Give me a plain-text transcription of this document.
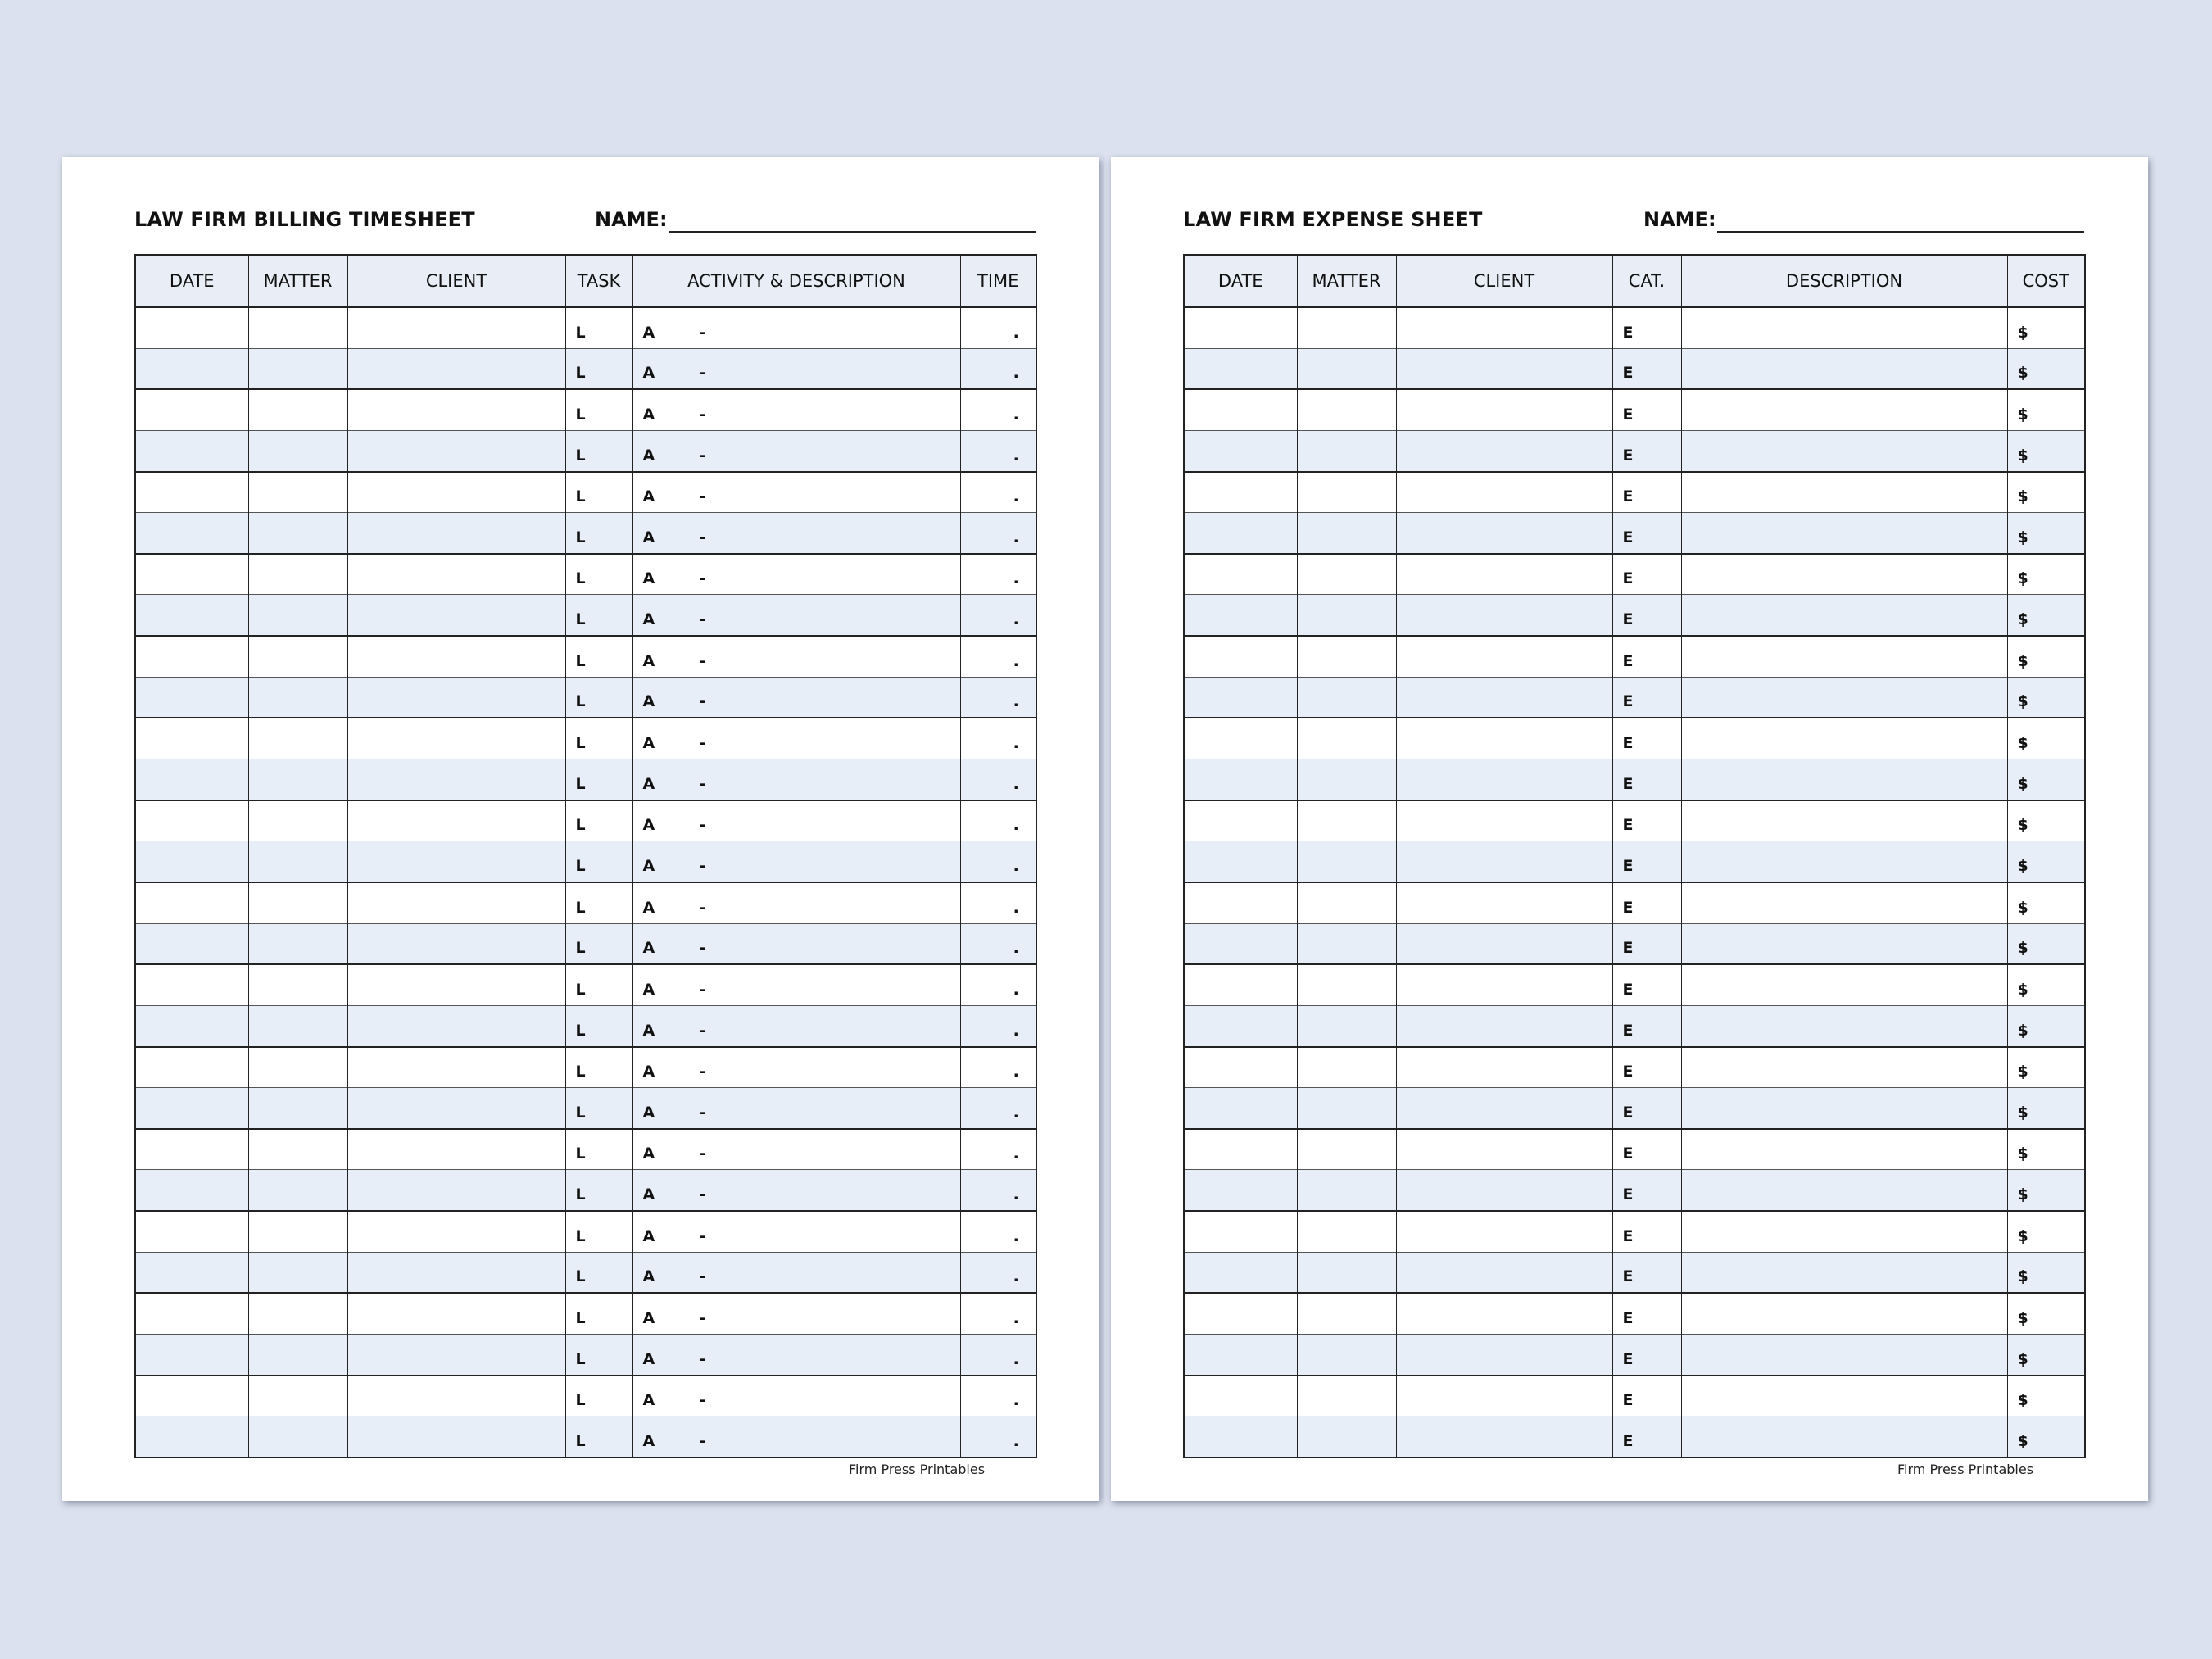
LAW FIRM BILLING TIMESHEET	NAME:
DATE	MATTER	CLIENT	TASK	ACTIVITY & DESCRIPTION	TIME
			L	A -	.
			L	A -	.
			L	A -	.
			L	A -	.
			L	A -	.
			L	A -	.
			L	A -	.
			L	A -	.
			L	A -	.
			L	A -	.
			L	A -	.
			L	A -	.
			L	A -	.
			L	A -	.
			L	A -	.
			L	A -	.
			L	A -	.
			L	A -	.
			L	A -	.
			L	A -	.
			L	A -	.
			L	A -	.
			L	A -	.
			L	A -	.
			L	A -	.
			L	A -	.
			L	A -	.
			L	A -	.
Firm Press Printables
LAW FIRM EXPENSE SHEET	NAME:
DATE	MATTER	CLIENT	CAT.	DESCRIPTION	COST
			E		$
			E		$
			E		$
			E		$
			E		$
			E		$
			E		$
			E		$
			E		$
			E		$
			E		$
			E		$
			E		$
			E		$
			E		$
			E		$
			E		$
			E		$
			E		$
			E		$
			E		$
			E		$
			E		$
			E		$
			E		$
			E		$
			E		$
			E		$
Firm Press Printables
